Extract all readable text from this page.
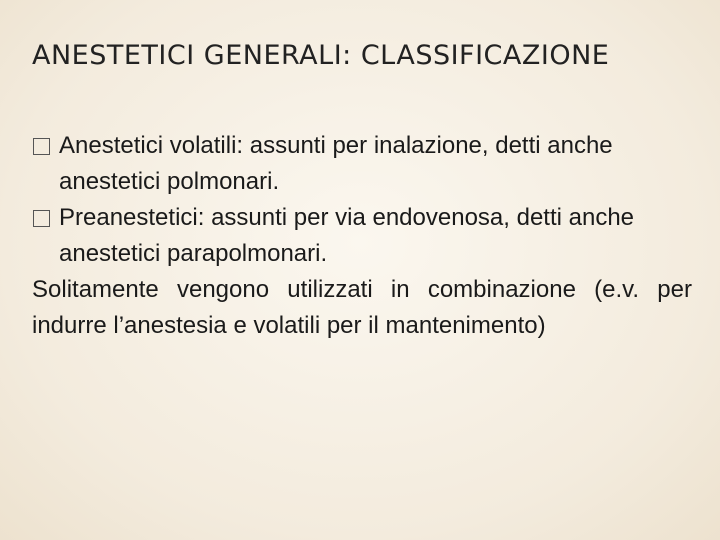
ANESTETICI GENERALI: CLASSIFICAZIONE
Anestetici volatili: assunti per inalazione, detti anche anestetici polmonari.
Preanestetici: assunti per via endovenosa, detti anche anestetici parapolmonari.

Solitamente vengono utilizzati in combinazione (e.v. per indurre l’anestesia e volatili per il mantenimento)
